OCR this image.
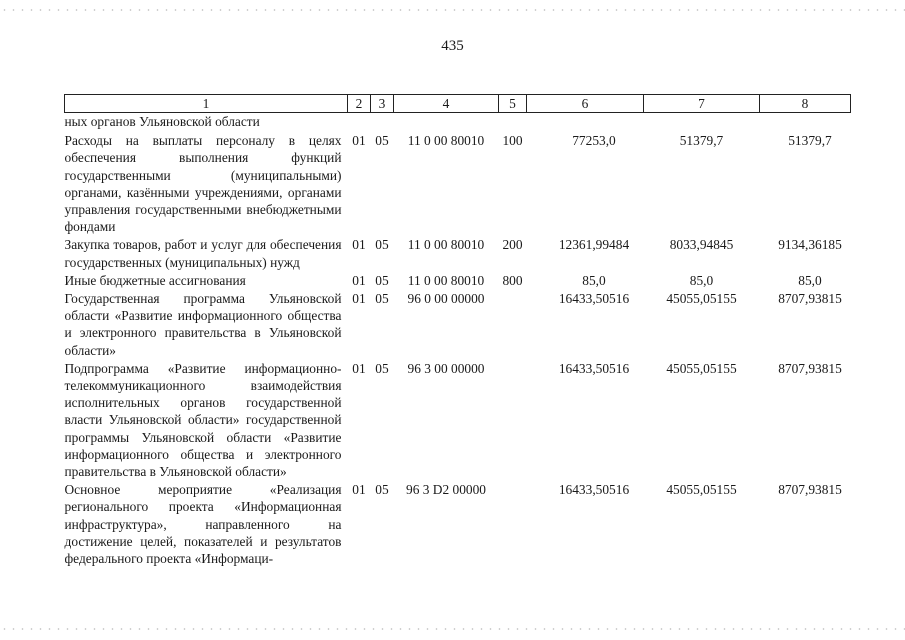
435
1	2	3	4	5	6	7	8
ных органов Ульяновской области							
Расходы на выплаты персоналу в целях обеспечения выполнения функций государственными (муниципальными) органами, казёнными учреждениями, органами управления государственными внебюджетными фондами	01	05	11 0 00 80010	100	77253,0	51379,7	51379,7
Закупка товаров, работ и услуг для обеспечения государственных (муниципальных) нужд	01	05	11 0 00 80010	200	12361,99484	8033,94845	9134,36185
Иные бюджетные ассигнования	01	05	11 0 00 80010	800	85,0	85,0	85,0
Государственная программа Ульяновской области «Развитие информационного общества и электронного правительства в Ульяновской области»	01	05	96 0 00 00000		16433,50516	45055,05155	8707,93815
Подпрограмма «Развитие информационно-телекоммуникационного взаимодействия исполнительных органов государственной власти Ульяновской области» государственной программы Ульяновской области «Развитие информационного общества и электронного правительства в Ульяновской области»	01	05	96 3 00 00000		16433,50516	45055,05155	8707,93815
Основное мероприятие «Реализация регионального проекта «Информационная инфраструктура», направленного на достижение целей, показателей и результатов федерального проекта «Информаци-	01	05	96 3 D2 00000		16433,50516	45055,05155	8707,93815
